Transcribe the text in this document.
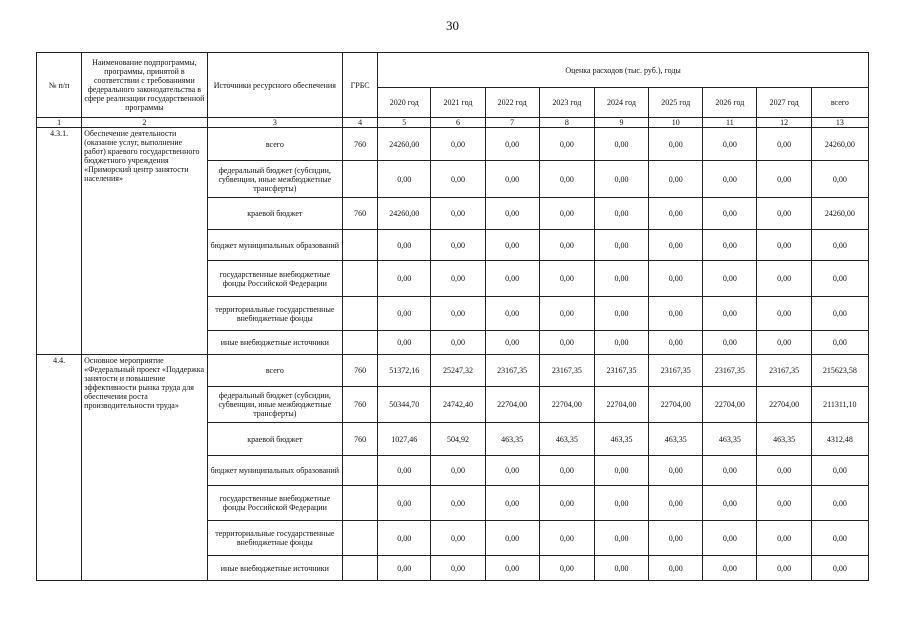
30
№ п/п	Наименование подпрограммы, программы, принятой в соответствии с требованиями федерального законодательства в сфере реализации государственной программы	Источники ресурсного обеспечения	ГРБС	Оценка расходов (тыс. руб.), годы								
				2020 год	2021 год	2022 год	2023 год	2024 год	2025 год	2026 год	2027 год	всего
1	2	3	4	5	6	7	8	9	10	11	12	13
4.3.1.	Обеспечение деятельности (оказание услуг, выполнение работ) краевого государственного бюджетного учреждения «Приморский центр занятости населения»	всего	760	24260,00	0,00	0,00	0,00	0,00	0,00	0,00	0,00	24260,00
		федеральный бюджет (субсидии, субвенции, иные межбюджетные трансферты)		0,00	0,00	0,00	0,00	0,00	0,00	0,00	0,00	0,00
		краевой бюджет	760	24260,00	0,00	0,00	0,00	0,00	0,00	0,00	0,00	24260,00
		бюджет муниципальных образований		0,00	0,00	0,00	0,00	0,00	0,00	0,00	0,00	0,00
		государственные внебюджетные фонды Российской Федерации		0,00	0,00	0,00	0,00	0,00	0,00	0,00	0,00	0,00
		территориальные государственные внебюджетные фонды		0,00	0,00	0,00	0,00	0,00	0,00	0,00	0,00	0,00
		иные внебюджетные источники		0,00	0,00	0,00	0,00	0,00	0,00	0,00	0,00	0,00
4.4.	Основное мероприятие «Федеральный проект «Поддержка занятости и повышение эффективности рынка труда для обеспечения роста производительности труда»	всего	760	51372,16	25247,32	23167,35	23167,35	23167,35	23167,35	23167,35	23167,35	215623,58
		федеральный бюджет (субсидии, субвенции, иные межбюджетные трансферты)	760	50344,70	24742,40	22704,00	22704,00	22704,00	22704,00	22704,00	22704,00	211311,10
		краевой бюджет	760	1027,46	504,92	463,35	463,35	463,35	463,35	463,35	463,35	4312,48
		бюджет муниципальных образований		0,00	0,00	0,00	0,00	0,00	0,00	0,00	0,00	0,00
		государственные внебюджетные фонды Российской Федерации		0,00	0,00	0,00	0,00	0,00	0,00	0,00	0,00	0,00
		территориальные государственные внебюджетные фонды		0,00	0,00	0,00	0,00	0,00	0,00	0,00	0,00	0,00
		иные внебюджетные источники		0,00	0,00	0,00	0,00	0,00	0,00	0,00	0,00	0,00
